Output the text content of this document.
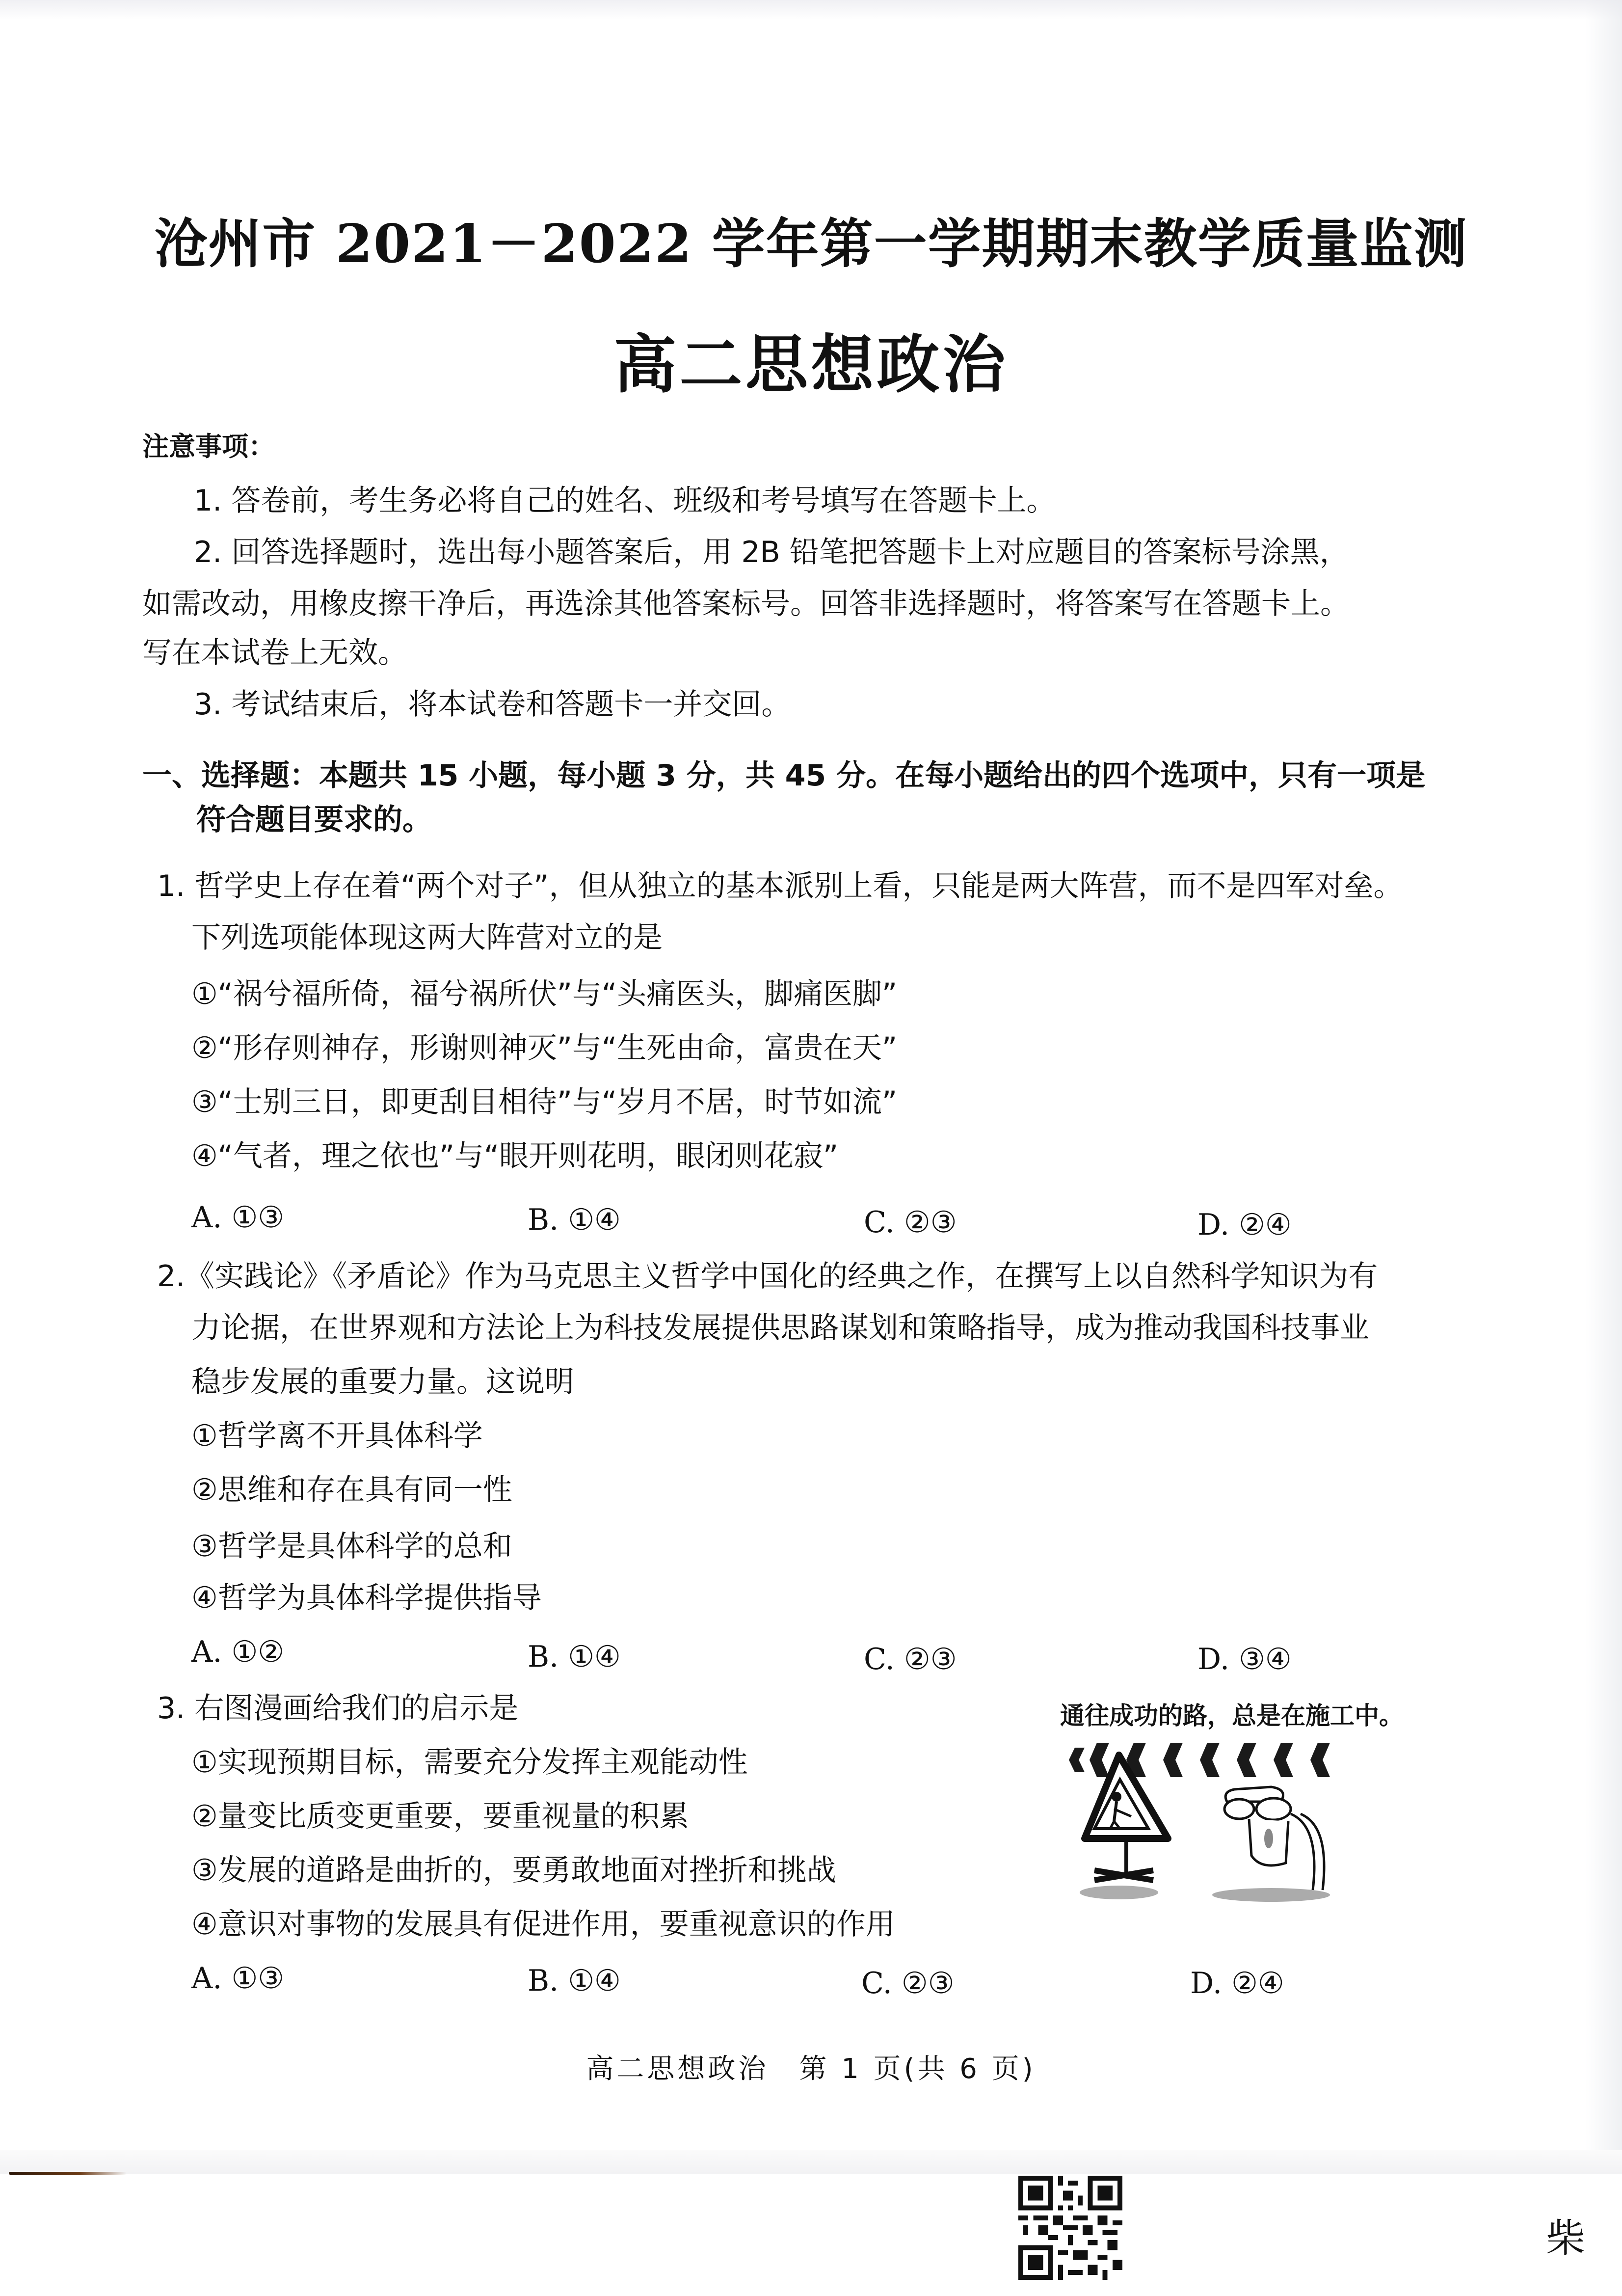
沧州市 2021－2022 学年第一学期期末教学质量监测
高二思想政治
注意事项：
1. 答卷前，考生务必将自己的姓名、班级和考号填写在答题卡上。
2. 回答选择题时，选出每小题答案后，用 2B 铅笔把答题卡上对应题目的答案标号涂黑，
如需改动，用橡皮擦干净后，再选涂其他答案标号。回答非选择题时，将答案写在答题卡上。
写在本试卷上无效。
3. 考试结束后，将本试卷和答题卡一并交回。
一、选择题：本题共 15 小题，每小题 3 分，共 45 分。在每小题给出的四个选项中，只有一项是
符合题目要求的。
1. 哲学史上存在着“两个对子”，但从独立的基本派别上看，只能是两大阵营，而不是四军对垒。
下列选项能体现这两大阵营对立的是
①“祸兮福所倚，福兮祸所伏”与“头痛医头，脚痛医脚”
②“形存则神存，形谢则神灭”与“生死由命，富贵在天”
③“士别三日，即更刮目相待”与“岁月不居，时节如流”
④“气者，理之依也”与“眼开则花明，眼闭则花寂”
A. ①③	B. ①④	C. ②③	D. ②④
2.《实践论》《矛盾论》作为马克思主义哲学中国化的经典之作，在撰写上以自然科学知识为有
力论据，在世界观和方法论上为科技发展提供思路谋划和策略指导，成为推动我国科技事业
稳步发展的重要力量。这说明
①哲学离不开具体科学
②思维和存在具有同一性
③哲学是具体科学的总和
④哲学为具体科学提供指导
A. ①②	B. ①④	C. ②③	D. ③④
3. 右图漫画给我们的启示是
①实现预期目标，需要充分发挥主观能动性
②量变比质变更重要，要重视量的积累
③发展的道路是曲折的，要勇敢地面对挫折和挑战
④意识对事物的发展具有促进作用，要重视意识的作用
A. ①③	B. ①④	C. ②③	D. ②④
通往成功的路，总是在施工中。
高二思想政治　第 1 页(共 6 页)
柴
